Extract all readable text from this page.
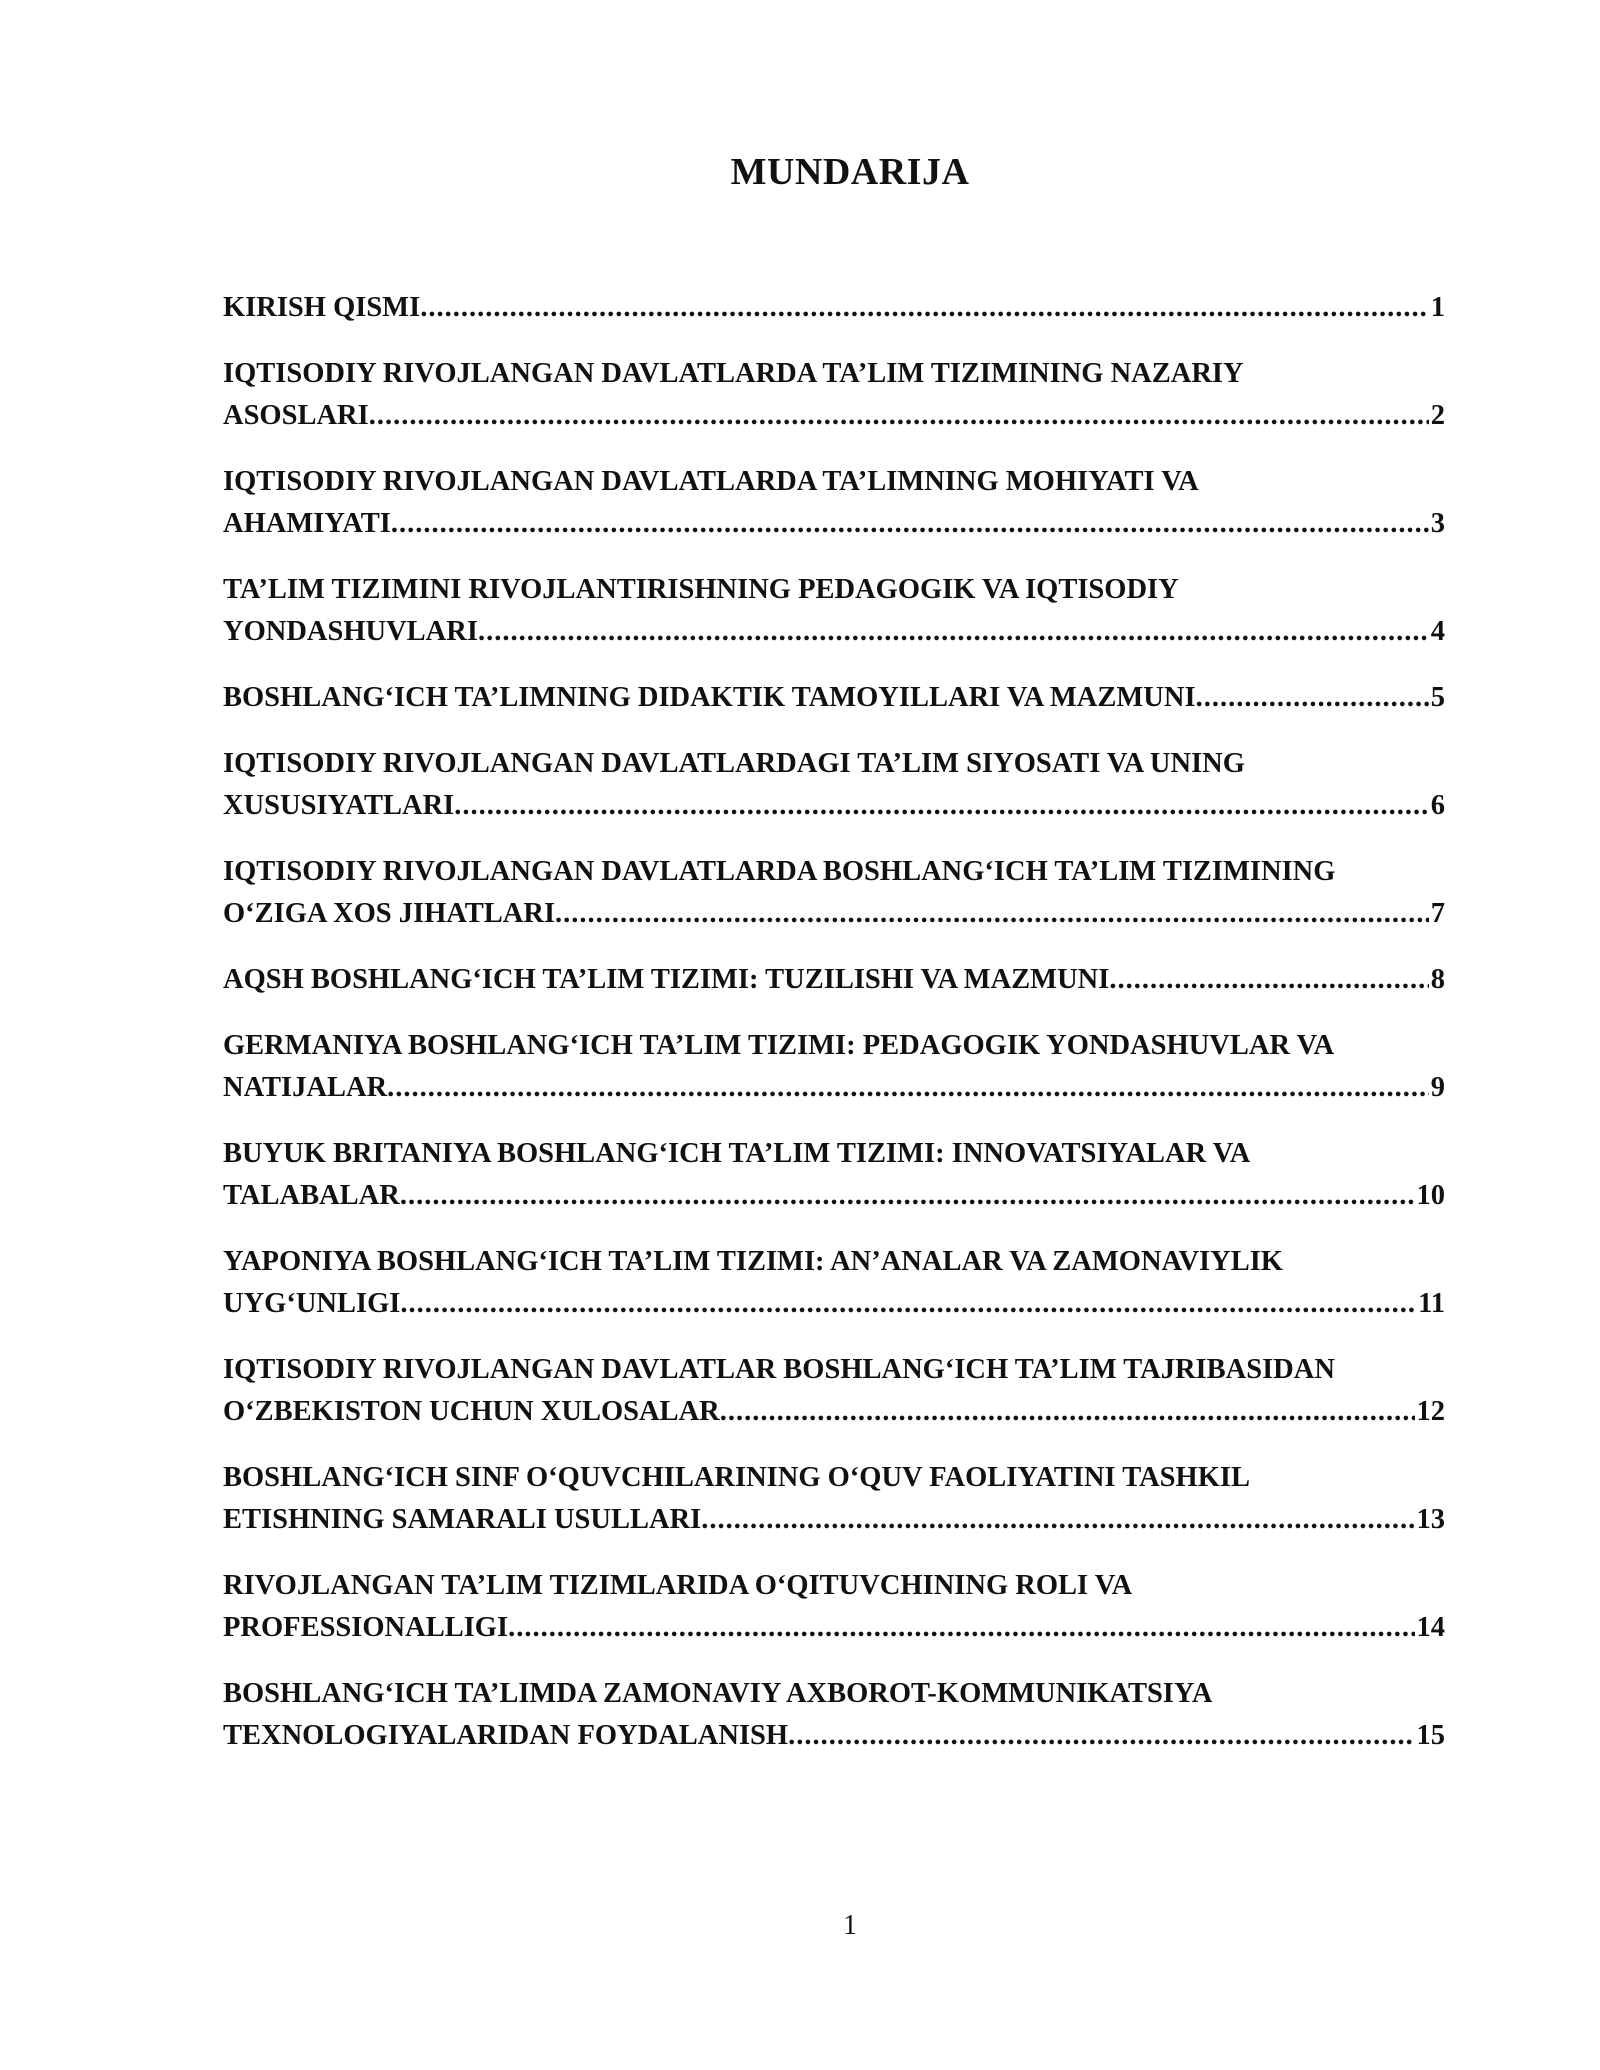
MUNDARIJA
KIRISH QISMI .....	1
IQTISODIY RIVOJLANGAN DAVLATLARDA TA’LIM TIZIMINING NAZARIY
ASOSLARI .....	2
IQTISODIY RIVOJLANGAN DAVLATLARDA TA’LIMNING MOHIYATI VA
AHAMIYATI .....	3
TA’LIM TIZIMINI RIVOJLANTIRISHNING PEDAGOGIK VA IQTISODIY
YONDASHUVLARI .....	4
BOSHLANG‘ICH TA’LIMNING DIDAKTIK TAMOYILLARI VA MAZMUNI .....	5
IQTISODIY RIVOJLANGAN DAVLATLARDAGI TA’LIM SIYOSATI VA UNING
XUSUSIYATLARI .....	6
IQTISODIY RIVOJLANGAN DAVLATLARDA BOSHLANG‘ICH TA’LIM TIZIMINING
O‘ZIGA XOS JIHATLARI .....	7
AQSH BOSHLANG‘ICH TA’LIM TIZIMI: TUZILISHI VA MAZMUNI .....	8
GERMANIYA BOSHLANG‘ICH TA’LIM TIZIMI: PEDAGOGIK YONDASHUVLAR VA
NATIJALAR .....	9
BUYUK BRITANIYA BOSHLANG‘ICH TA’LIM TIZIMI: INNOVATSIYALAR VA
TALABALAR .....	10
YAPONIYA BOSHLANG‘ICH TA’LIM TIZIMI: AN’ANALAR VA ZAMONAVIYLIK
UYG‘UNLIGI .....	11
IQTISODIY RIVOJLANGAN DAVLATLAR BOSHLANG‘ICH TA’LIM TAJRIBASIDAN
O‘ZBEKISTON UCHUN XULOSALAR .....	12
BOSHLANG‘ICH SINF O‘QUVCHILARINING O‘QUV FAOLIYATINI TASHKIL
ETISHNING SAMARALI USULLARI .....	13
RIVOJLANGAN TA’LIM TIZIMLARIDA O‘QITUVCHINING ROLI VA
PROFESSIONALLIGI .....	14
BOSHLANG‘ICH TA’LIMDA ZAMONAVIY AXBOROT-KOMMUNIKATSIYA
TEXNOLOGIYALARIDAN FOYDALANISH .....	15
1
